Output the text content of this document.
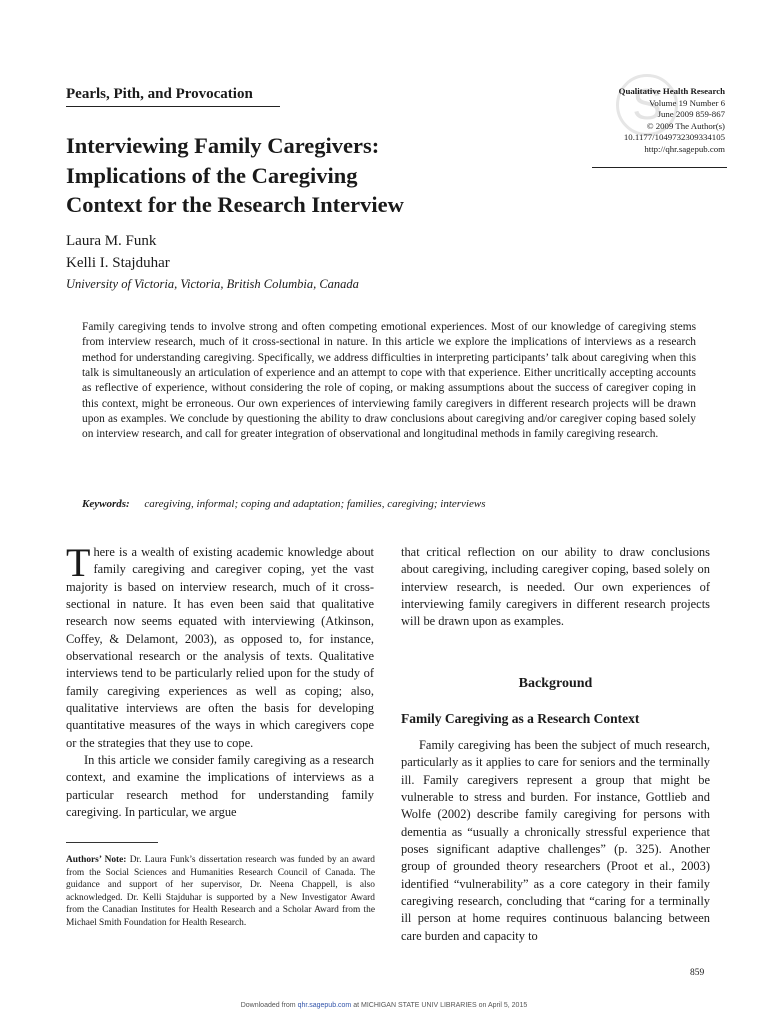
Pearls, Pith, and Provocation	S
Qualitative Health Research
Volume 19 Number 6
June 2009 859-867
© 2009 The Author(s)
10.1177/1049732309334105
http://qhr.sagepub.com
Interviewing Family Caregivers:
Implications of the Caregiving
Context for the Research Interview
Laura M. Funk
Kelli I. Stajduhar
University of Victoria, Victoria, British Columbia, Canada
Family caregiving tends to involve strong and often competing emotional experiences. Most of our knowledge of caregiving stems from interview research, much of it cross-sectional in nature. In this article we explore the implications of interviews as a research method for understanding caregiving. Specifically, we address difficulties in interpreting participants’ talk about caregiving when this talk is simultaneously an articulation of experience and an attempt to cope with that experience. Either uncritically accepting accounts as reflective of experience, without considering the role of coping, or making assumptions about the success of caregiver coping in this context, might be erroneous. Our own experiences of interviewing family caregivers in different research projects will be drawn upon as examples. We conclude by questioning the ability to draw conclusions about caregiving and/or caregiver coping based solely on interview research, and call for greater integration of observational and longitudinal methods in family caregiving research.
Keywords: caregiving, informal; coping and adaptation; families, caregiving; interviews

There is a wealth of existing academic knowledge about family caregiving and caregiver coping, yet the vast majority is based on interview research, much of it cross-sectional in nature. It has even been said that qualitative research now seems equated with interviewing (Atkinson, Coffey, & Delamont, 2003), as opposed to, for instance, observational research or the analysis of texts. Qualitative interviews tend to be particularly relied upon for the study of family caregiving experiences as well as coping; also, qualitative interviews are often the basis for developing quantitative measures of the ways in which caregivers cope or the strategies that they use to cope.

In this article we consider family caregiving as a research context, and examine the implications of interviews as a particular research method for understanding family caregiving. In particular, we argue

that critical reflection on our ability to draw conclusions about caregiving, including caregiver coping, based solely on interview research, is needed. Our own experiences of interviewing family caregivers in different research projects will be drawn upon as examples.

Background
Family Caregiving as a Research Context

Family caregiving has been the subject of much research, particularly as it applies to care for seniors and the terminally ill. Family caregivers represent a group that might be vulnerable to stress and burden. For instance, Gottlieb and Wolfe (2002) describe family caregiving for persons with dementia as “usually a chronically stressful experience that poses significant adaptive challenges” (p. 325). Another group of grounded theory researchers (Proot et al., 2003) identified “vulnerability” as a core category in their family caregiving research, concluding that “caring for a terminally ill person at home requires continuous balancing between care burden and capacity to

Authors’ Note: Dr. Laura Funk’s dissertation research was funded by an award from the Social Sciences and Humanities Research Council of Canada. The guidance and support of her supervisor, Dr. Neena Chappell, is also acknowledged. Dr. Kelli Stajduhar is supported by a New Investigator Award from the Canadian Institutes for Health Research and a Scholar Award from the Michael Smith Foundation for Health Research.
859
Downloaded from qhr.sagepub.com at MICHIGAN STATE UNIV LIBRARIES on April 5, 2015
